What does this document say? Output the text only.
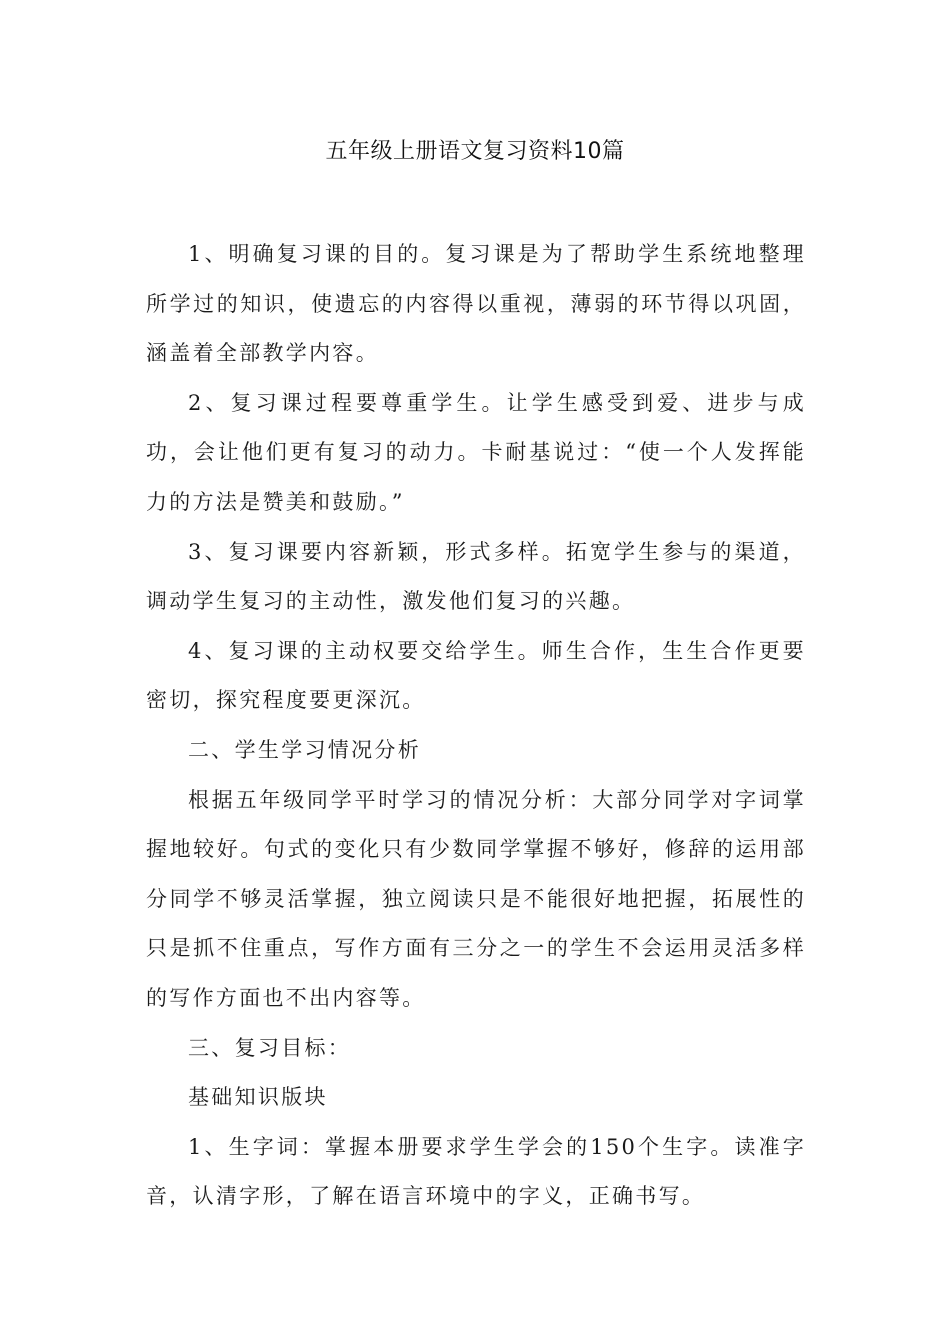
五年级上册语文复习资料10篇

1、明确复习课的目的。复习课是为了帮助学生系统地整理所学过的知识，使遗忘的内容得以重视，薄弱的环节得以巩固，涵盖着全部教学内容。

2、复习课过程要尊重学生。让学生感受到爱、进步与成功，会让他们更有复习的动力。卡耐基说过：“使一个人发挥能力的方法是赞美和鼓励。”

3、复习课要内容新颖，形式多样。拓宽学生参与的渠道，调动学生复习的主动性，激发他们复习的兴趣。

4、复习课的主动权要交给学生。师生合作，生生合作更要密切，探究程度要更深沉。

二、学生学习情况分析

根据五年级同学平时学习的情况分析：大部分同学对字词掌握地较好。句式的变化只有少数同学掌握不够好，修辞的运用部分同学不够灵活掌握，独立阅读只是不能很好地把握，拓展性的只是抓不住重点，写作方面有三分之一的学生不会运用灵活多样的写作方面也不出内容等。

三、复习目标：

基础知识版块

1、生字词：掌握本册要求学生学会的150个生字。读准字音，认清字形，了解在语言环境中的字义，正确书写。
